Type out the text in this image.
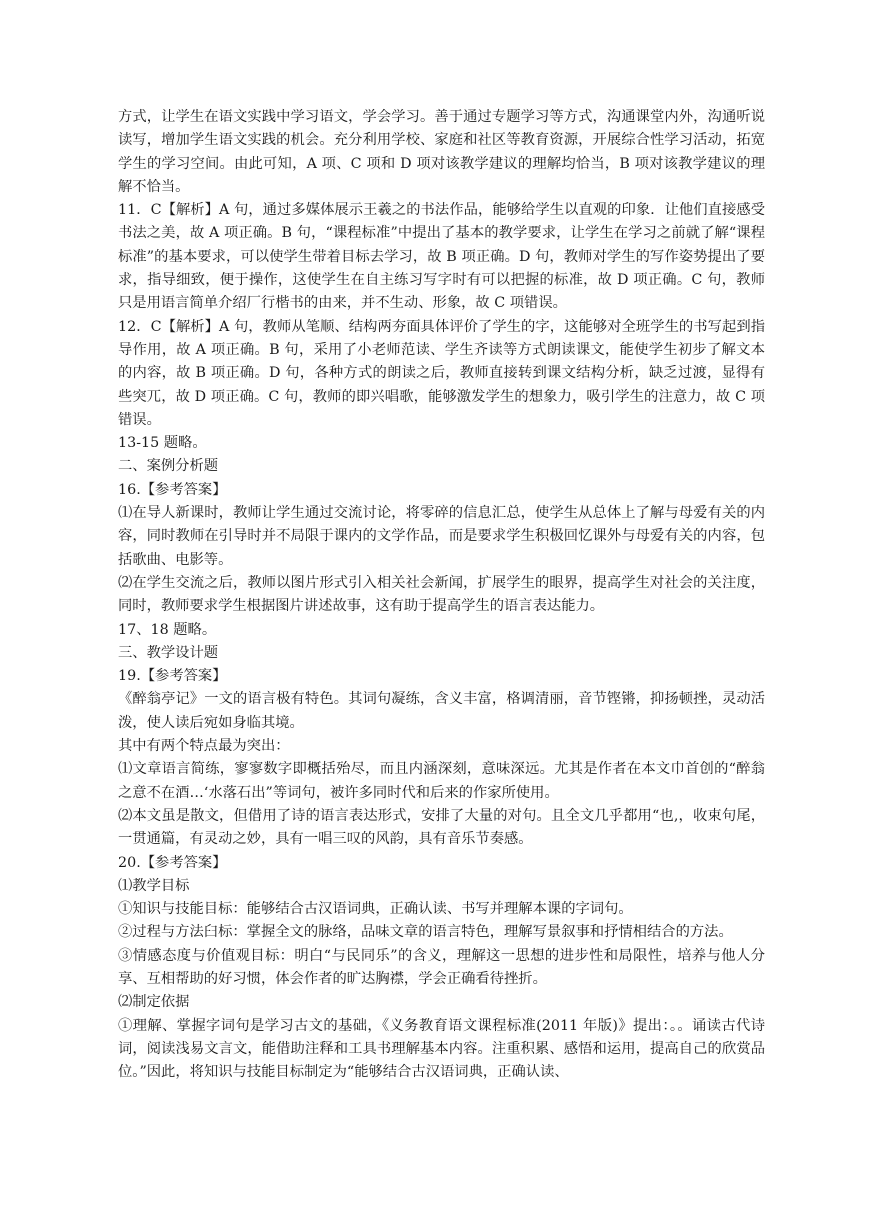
方式，让学生在语文实践中学习语文，学会学习。善于通过专题学习等方式，沟通课堂内外，沟通听说读写，增加学生语文实践的机会。充分利用学校、家庭和社区等教育资源，开展综合性学习活动，拓宽学生的学习空间。由此可知，A 项、C 项和 D 项对该教学建议的理解均恰当，B 项对该教学建议的理解不恰当。

11．C【解析】A 句，通过多媒体展示王羲之的书法作品，能够给学生以直观的印象．让他们直接感受书法之美，故 A 项正确。B 句，“课程标准”中提出了基本的教学要求，让学生在学习之前就了解“课程标准”的基本要求，可以使学生带着目标去学习，故 B 项正确。D 句，教师对学生的写作姿势提出了要求，指导细致，便于操作，这使学生在自主练习写字时有可以把握的标准，故 D 项正确。C 句，教师只是用语言简单介绍厂行楷书的由来，并不生动、形象，故 C 项错误。

12．C【解析】A 句，教师从笔顺、结构两夯面具体评价了学生的字，这能够对全班学生的书写起到指导作用，故 A 项正确。B 句，采用了小老师范读、学生齐读等方式朗读课文，能使学生初步了解文本的内容，故 B 项正确。D 句，各种方式的朗读之后，教师直接转到课文结构分析，缺乏过渡，显得有些突兀，故 D 项正确。C 句，教师的即兴唱歌，能够激发学生的想象力，吸引学生的注意力，故 C 项错误。

13-15 题略。

二、案例分析题

16.【参考答案】

⑴在导人新课时，教师让学生通过交流讨论，将零碎的信息汇总，使学生从总体上了解与母爱有关的内容，同时教师在引导时并不局限于课内的文学作品，而是要求学生积极回忆课外与母爱有关的内容，包括歌曲、电影等。

⑵在学生交流之后，教师以图片形式引入相关社会新闻，扩展学生的眼界，提高学生对社会的关注度，同时，教师要求学生根据图片讲述故事，这有助于提高学生的语言表达能力。

17、18 题略。

三、教学设计题

19.【参考答案】

《醉翁亭记》一文的语言极有特色。其词句凝练，含义丰富，格调清丽，音节铿锵，抑扬顿挫，灵动活泼，使人读后宛如身临其境。

其中有两个特点最为突出：

⑴文章语言简练，寥寥数字即概括殆尽，而且内涵深刻，意味深远。尤其是作者在本文巾首创的“醉翁之意不在酒…‘水落石出”等词句，被许多同时代和后来的作家所使用。

⑵本文虽是散文，但借用了诗的语言表达形式，安排了大量的对句。且全文几乎都用“也,，收束句尾，一贯通篇，有灵动之妙，具有一唱三叹的风韵，具有音乐节奏感。

20.【参考答案】

⑴教学目标

①知识与技能目标：能够结合古汉语词典，正确认读、书写并理解本课的字词句。

②过程与方法臼标：掌握全文的脉络，品味文章的语言特色，理解写景叙事和抒情相结合的方法。

③情感态度与价值观目标：明白“与民同乐”的含义，理解这一思想的进步性和局限性，培养与他人分享、互相帮助的好习惯，体会作者的旷达胸襟，学会正确看待挫折。

⑵制定依据

①理解、掌握字词句是学习古文的基础，《义务教育语文课程标准(2011 年版)》提出：。。诵读古代诗词，阅读浅易文言文，能借助注释和工具书理解基本内容。注重积累、感悟和运用，提高自己的欣赏品位。”因此，将知识与技能目标制定为“能够结合古汉语词典，正确认读、
